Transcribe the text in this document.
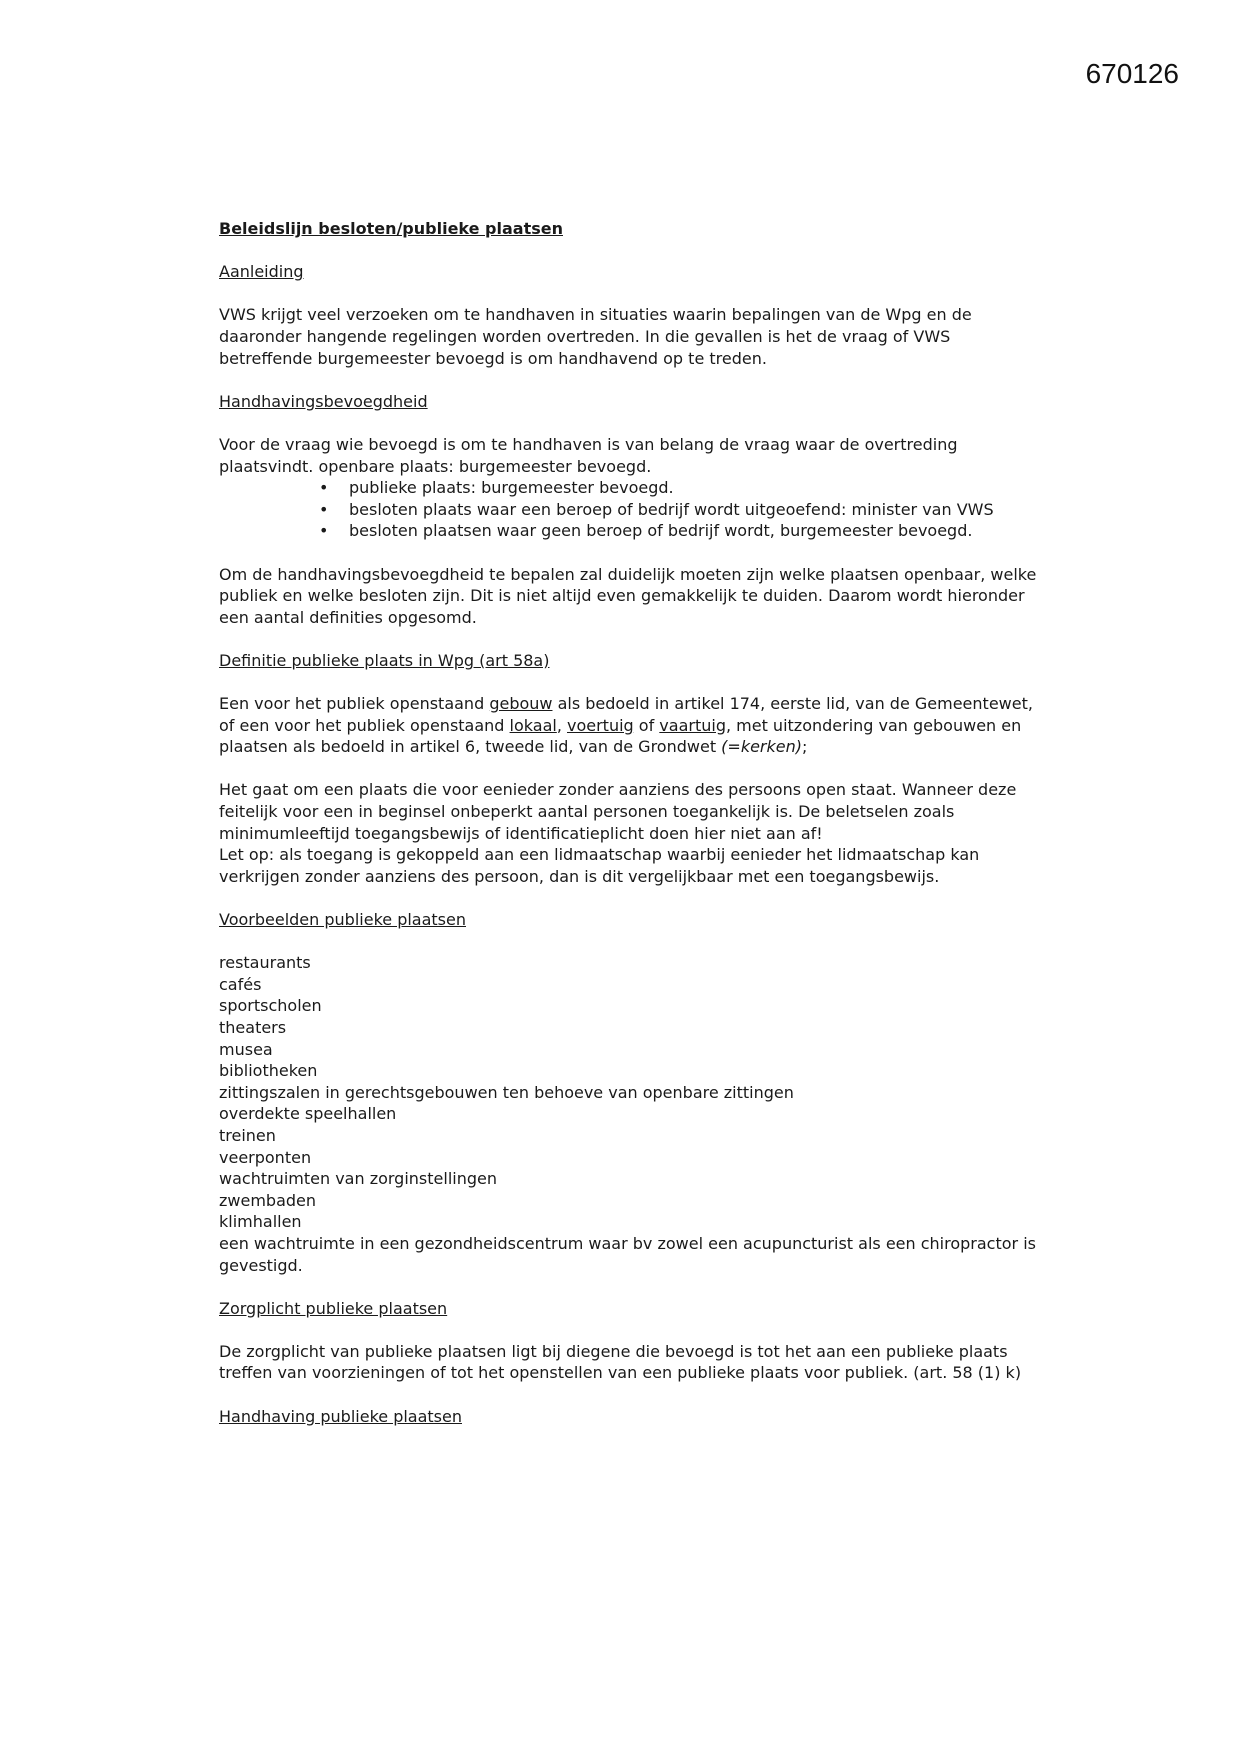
670126

Beleidslijn besloten/publieke plaatsen
Aanleiding

VWS krijgt veel verzoeken om te handhaven in situaties waarin bepalingen van de Wpg en de daaronder hangende regelingen worden overtreden. In die gevallen is het de vraag of VWS betreffende burgemeester bevoegd is om handhavend op te treden.

Handhavingsbevoegdheid

Voor de vraag wie bevoegd is om te handhaven is van belang de vraag waar de overtreding plaatsvindt. openbare plaats: burgemeester bevoegd.

• publieke plaats: burgemeester bevoegd.
• besloten plaats waar een beroep of bedrijf wordt uitgeoefend: minister van VWS
• besloten plaatsen waar geen beroep of bedrijf wordt, burgemeester bevoegd.

Om de handhavingsbevoegdheid te bepalen zal duidelijk moeten zijn welke plaatsen openbaar, welke publiek en welke besloten zijn. Dit is niet altijd even gemakkelijk te duiden. Daarom wordt hieronder een aantal definities opgesomd.

Definitie publieke plaats in Wpg (art 58a)

Een voor het publiek openstaand gebouw als bedoeld in artikel 174, eerste lid, van de Gemeentewet, of een voor het publiek openstaand lokaal, voertuig of vaartuig, met uitzondering van gebouwen en plaatsen als bedoeld in artikel 6, tweede lid, van de Grondwet (=kerken);

Het gaat om een plaats die voor eenieder zonder aanziens des persoons open staat. Wanneer deze feitelijk voor een in beginsel onbeperkt aantal personen toegankelijk is. De beletselen zoals minimumleeftijd toegangsbewijs of identificatieplicht doen hier niet aan af!

Let op: als toegang is gekoppeld aan een lidmaatschap waarbij eenieder het lidmaatschap kan verkrijgen zonder aanziens des persoon, dan is dit vergelijkbaar met een toegangsbewijs.

Voorbeelden publieke plaatsen
restaurants
cafés
sportscholen
theaters
musea
bibliotheken
zittingszalen in gerechtsgebouwen ten behoeve van openbare zittingen
overdekte speelhallen
treinen
veerponten
wachtruimten van zorginstellingen
zwembaden
klimhallen
een wachtruimte in een gezondheidscentrum waar bv zowel een acupuncturist als een chiropractor is gevestigd.
Zorgplicht publieke plaatsen

De zorgplicht van publieke plaatsen ligt bij diegene die bevoegd is tot het aan een publieke plaats treffen van voorzieningen of tot het openstellen van een publieke plaats voor publiek. (art. 58 (1) k)

Handhaving publieke plaatsen
